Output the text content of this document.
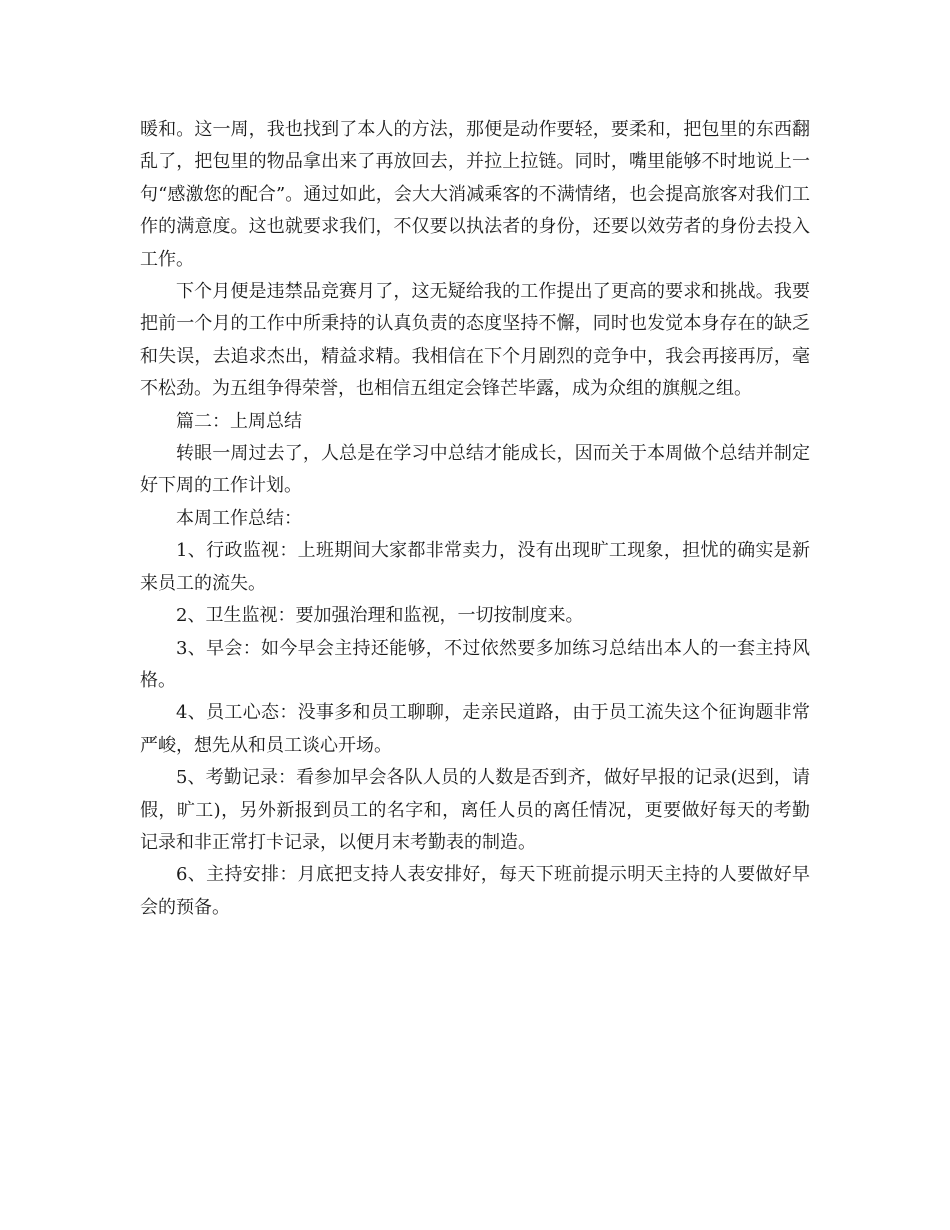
暖和。这一周，我也找到了本人的方法，那便是动作要轻，要柔和，把包里的东西翻乱了，把包里的物品拿出来了再放回去，并拉上拉链。同时，嘴里能够不时地说上一句“感激您的配合”。通过如此，会大大消减乘客的不满情绪，也会提高旅客对我们工作的满意度。这也就要求我们，不仅要以执法者的身份，还要以效劳者的身份去投入工作。

下个月便是违禁品竞赛月了，这无疑给我的工作提出了更高的要求和挑战。我要把前一个月的工作中所秉持的认真负责的态度坚持不懈，同时也发觉本身存在的缺乏和失误，去追求杰出，精益求精。我相信在下个月剧烈的竞争中，我会再接再厉，毫不松劲。为五组争得荣誉，也相信五组定会锋芒毕露，成为众组的旗舰之组。

篇二：上周总结

转眼一周过去了，人总是在学习中总结才能成长，因而关于本周做个总结并制定好下周的工作计划。

本周工作总结：

1、行政监视：上班期间大家都非常卖力，没有出现旷工现象，担忧的确实是新来员工的流失。

2、卫生监视：要加强治理和监视，一切按制度来。

3、早会：如今早会主持还能够，不过依然要多加练习总结出本人的一套主持风格。

4、员工心态：没事多和员工聊聊，走亲民道路，由于员工流失这个征询题非常严峻，想先从和员工谈心开场。

5、考勤记录：看参加早会各队人员的人数是否到齐，做好早报的记录(迟到，请假，旷工)，另外新报到员工的名字和，离任人员的离任情况，更要做好每天的考勤记录和非正常打卡记录，以便月末考勤表的制造。

6、主持安排：月底把支持人表安排好，每天下班前提示明天主持的人要做好早会的预备。
